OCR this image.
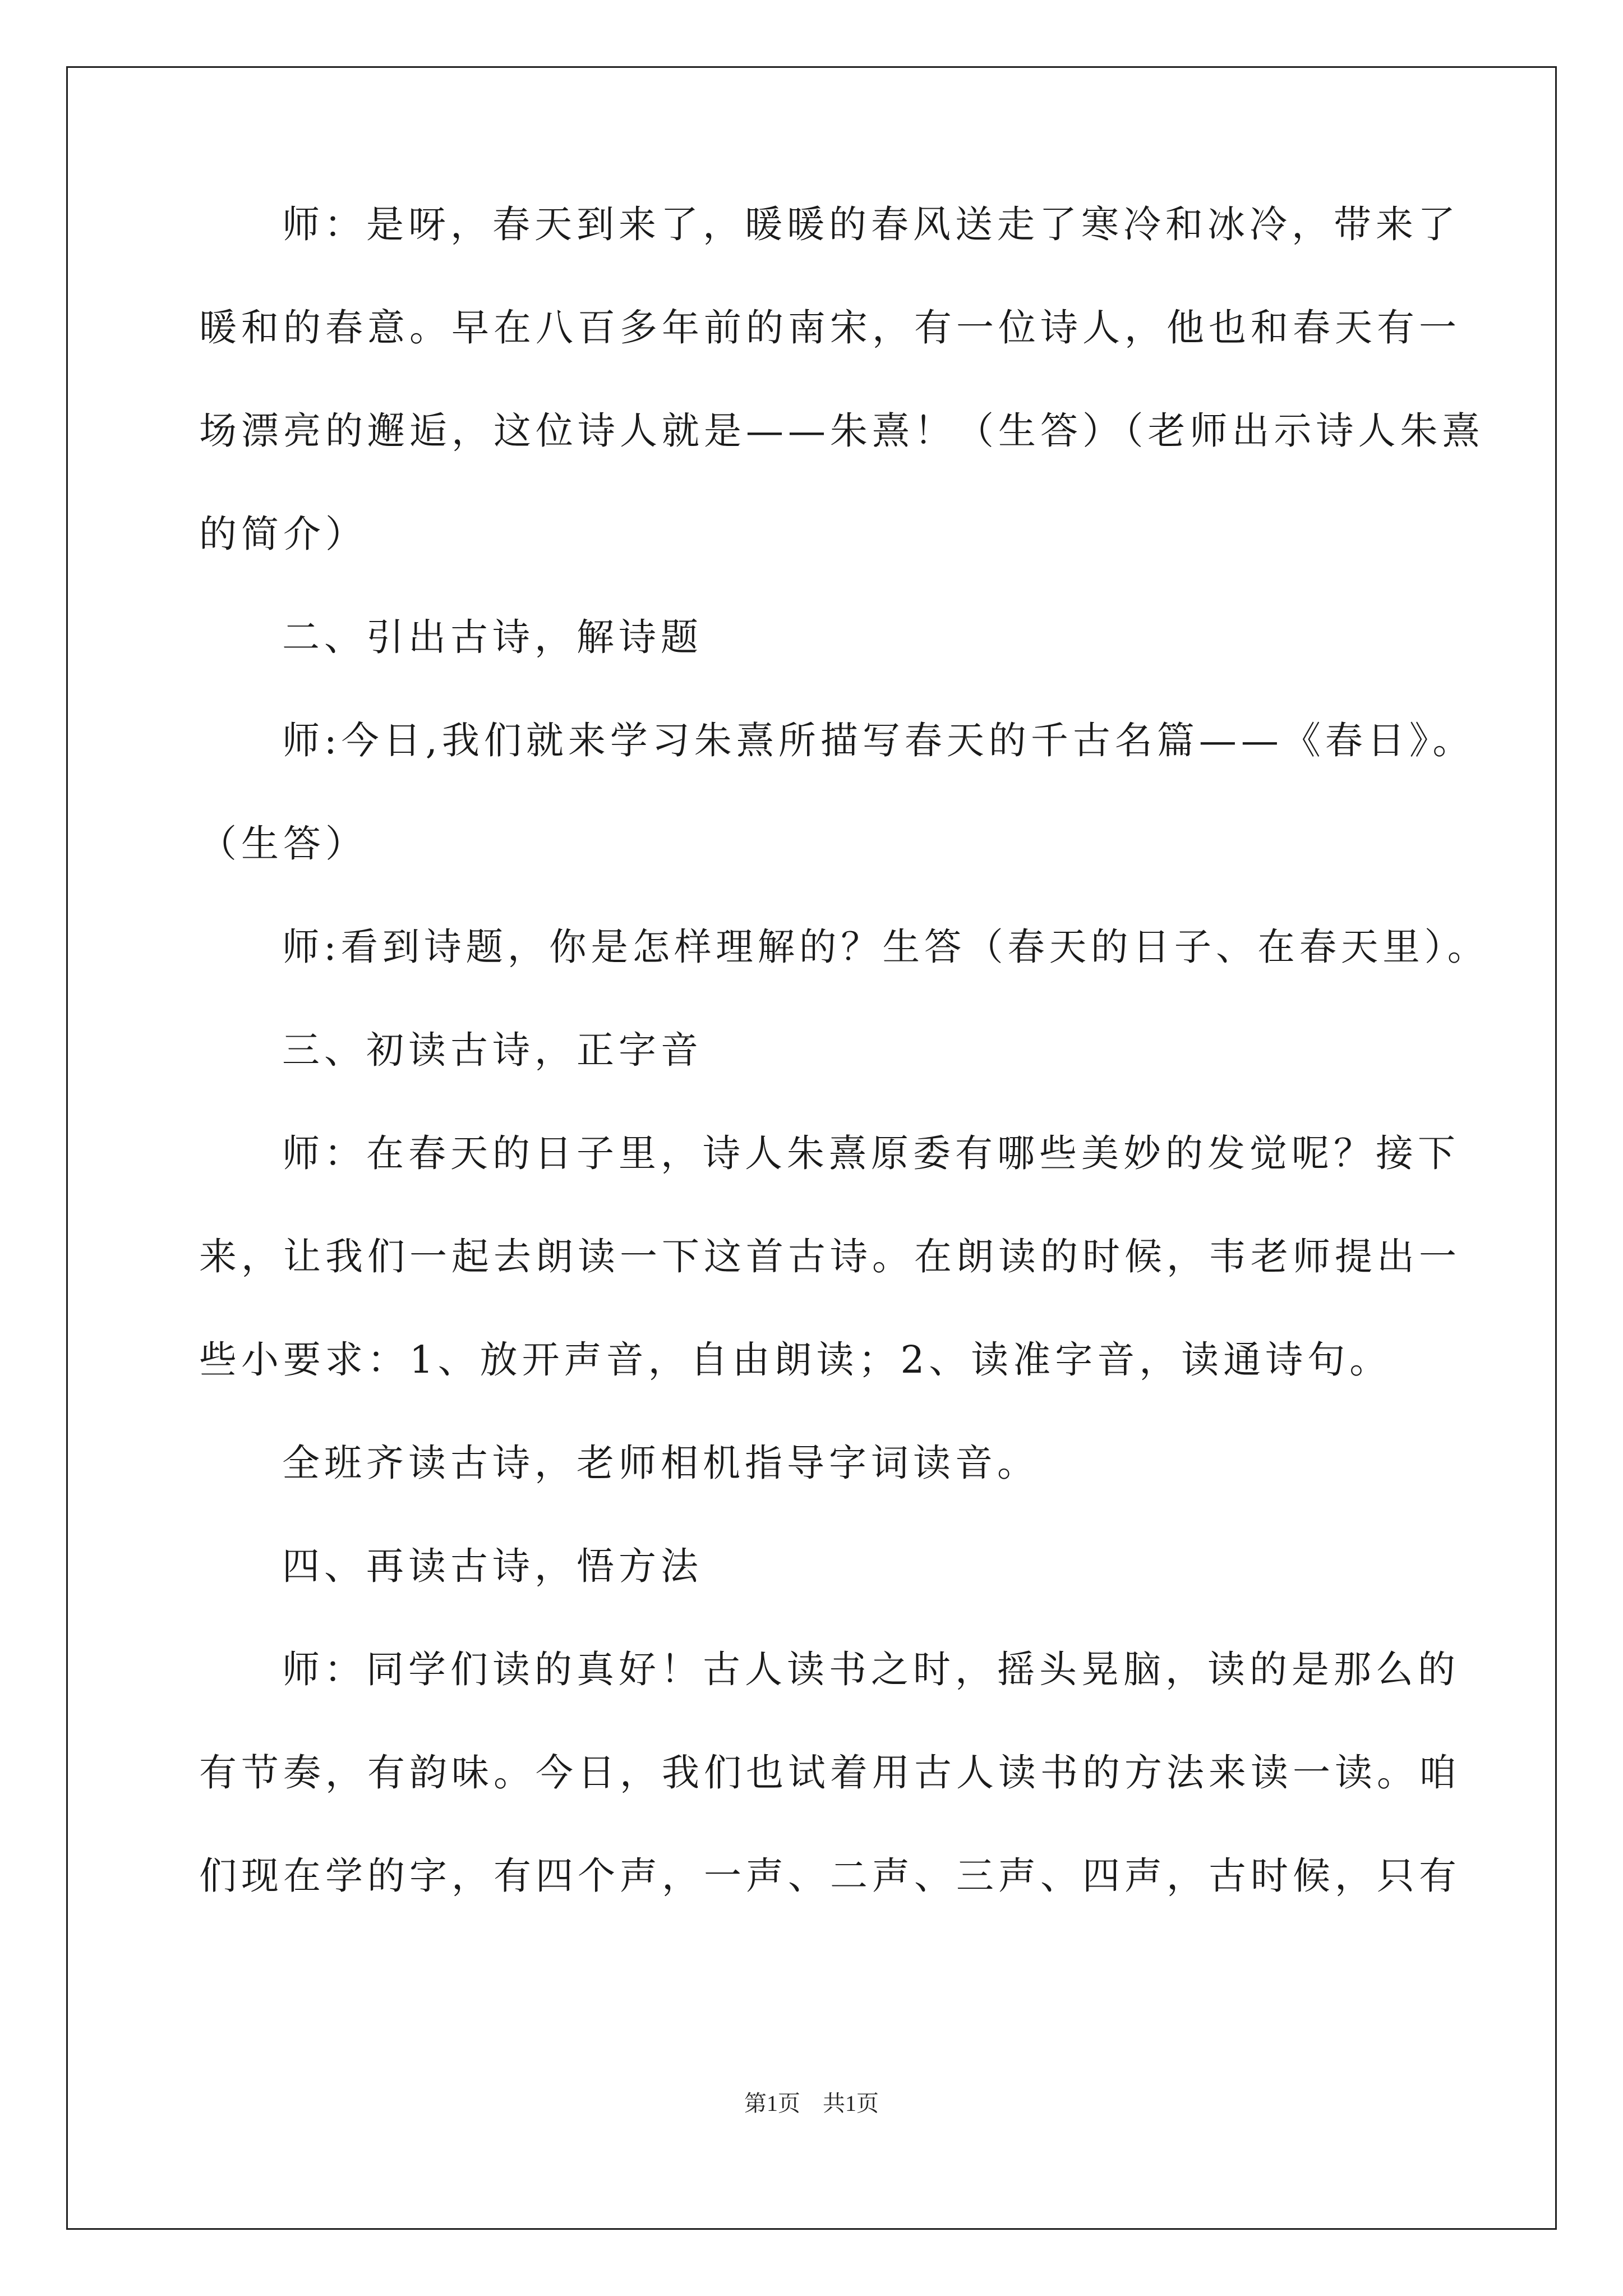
师：是呀，春天到来了，暖暖的春风送走了寒冷和冰冷，带来了
暖和的春意。早在八百多年前的南宋，有一位诗人，他也和春天有一
场漂亮的邂逅，这位诗人就是——朱熹！（生答）（老师出示诗人朱熹
的简介）
二、引出古诗，解诗题
师:今日,我们就来学习朱熹所描写春天的千古名篇——《春日》。
（生答）
师:看到诗题，你是怎样理解的？生答（春天的日子、在春天里）。
三、初读古诗，正字音
师：在春天的日子里，诗人朱熹原委有哪些美妙的发觉呢？接下
来，让我们一起去朗读一下这首古诗。在朗读的时候，韦老师提出一
些小要求：1、放开声音，自由朗读；2、读准字音，读通诗句。
全班齐读古诗，老师相机指导字词读音。
四、再读古诗，悟方法
师：同学们读的真好！古人读书之时，摇头晃脑，读的是那么的
有节奏，有韵味。今日，我们也试着用古人读书的方法来读一读。咱
们现在学的字，有四个声，一声、二声、三声、四声，古时候，只有
第1页　共1页
